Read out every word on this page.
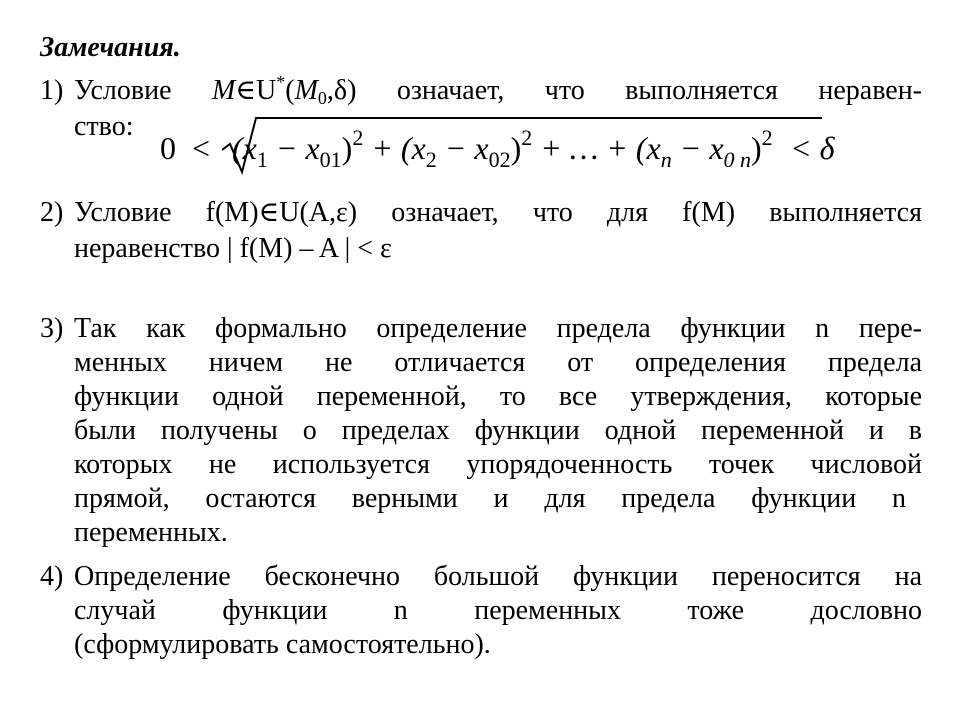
Замечания.
1) Условие $M\in U^*(M_0,\delta)$ означает, что выполняется неравен-
ство:
$0 < (x_1 - x_{01})^2 + (x_2 - x_{02})^2$ + … + $(x_n - x_{0 n})^2 < \delta$
2) Условие f(M)∈U(A,ε) означает, что для f(M) выполняется
неравенство | f(M) – A | < ε
3) Так как формально определение предела функции n пере-
менных ничем не отличается от определения предела
функции одной переменной, то все утверждения, которые
были получены о пределах функции одной переменной и в
которых не используется упорядоченность точек числовой
прямой, остаются верными и для предела функции n
переменных.
4) Определение бесконечно большой функции переносится на
случай функции n переменных тоже дословно
(сформулировать самостоятельно).
